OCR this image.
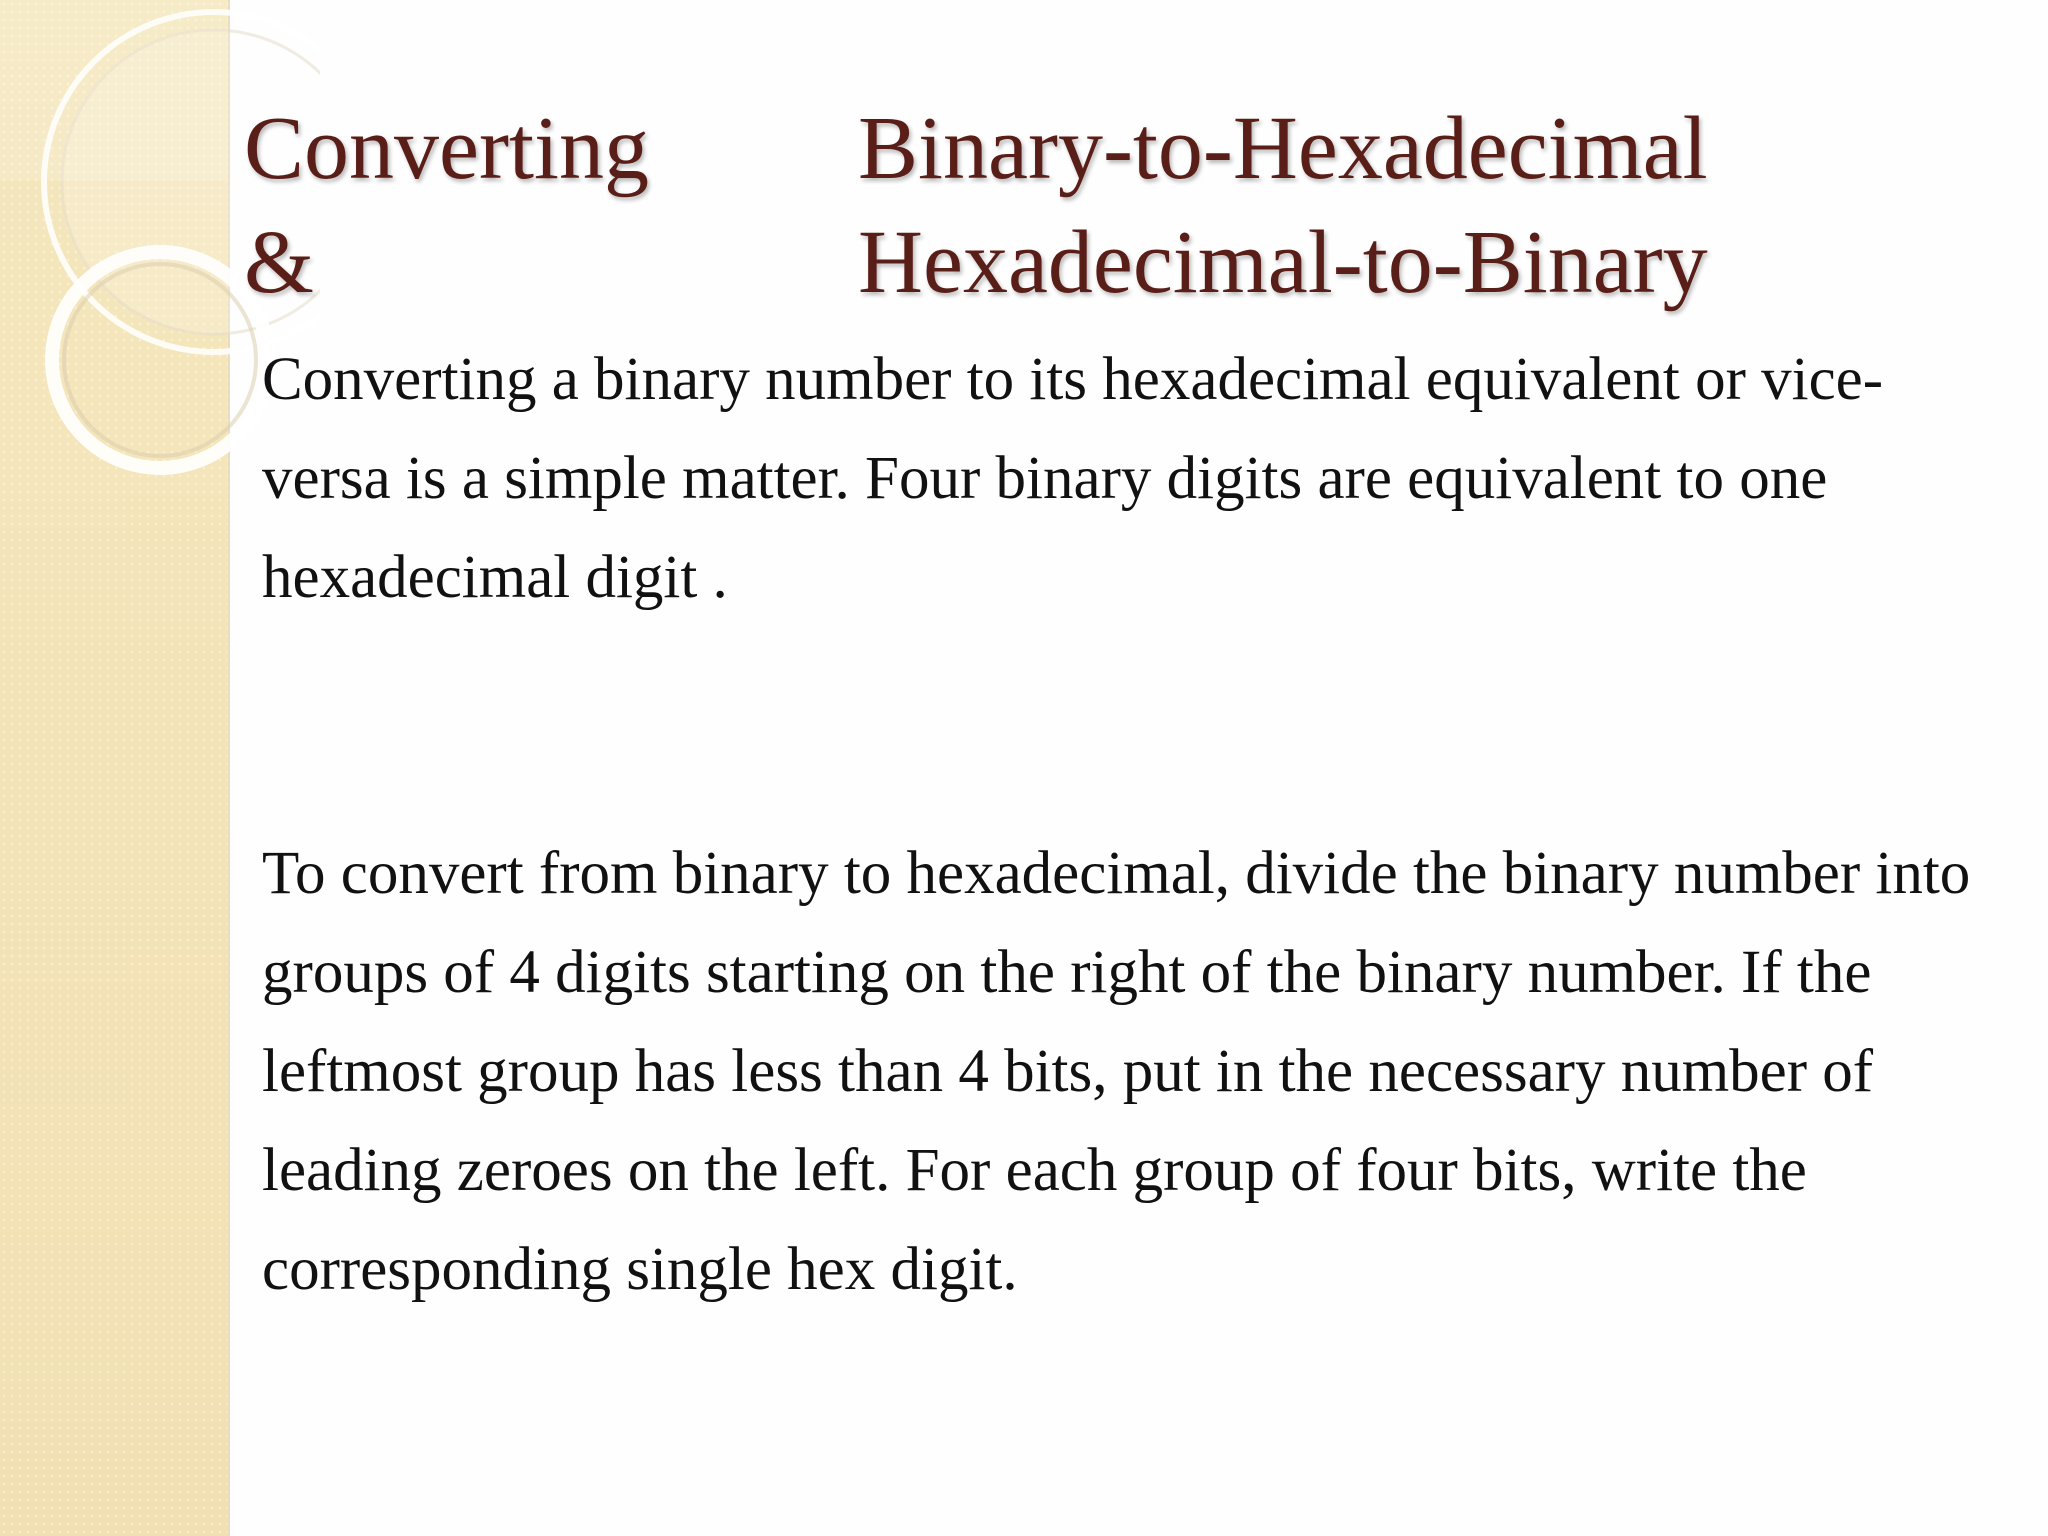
Converting Binary-to-Hexadecimal
&	Hexadecimal-to-Binary

Converting a binary number to its hexadecimal equivalent or vice-versa is a simple matter. Four binary digits are equivalent to one hexadecimal digit .

To convert from binary to hexadecimal, divide the binary number into groups of 4 digits starting on the right of the binary number. If the leftmost group has less than 4 bits, put in the necessary number of leading zeroes on the left. For each group of four bits, write the corresponding single hex digit.
